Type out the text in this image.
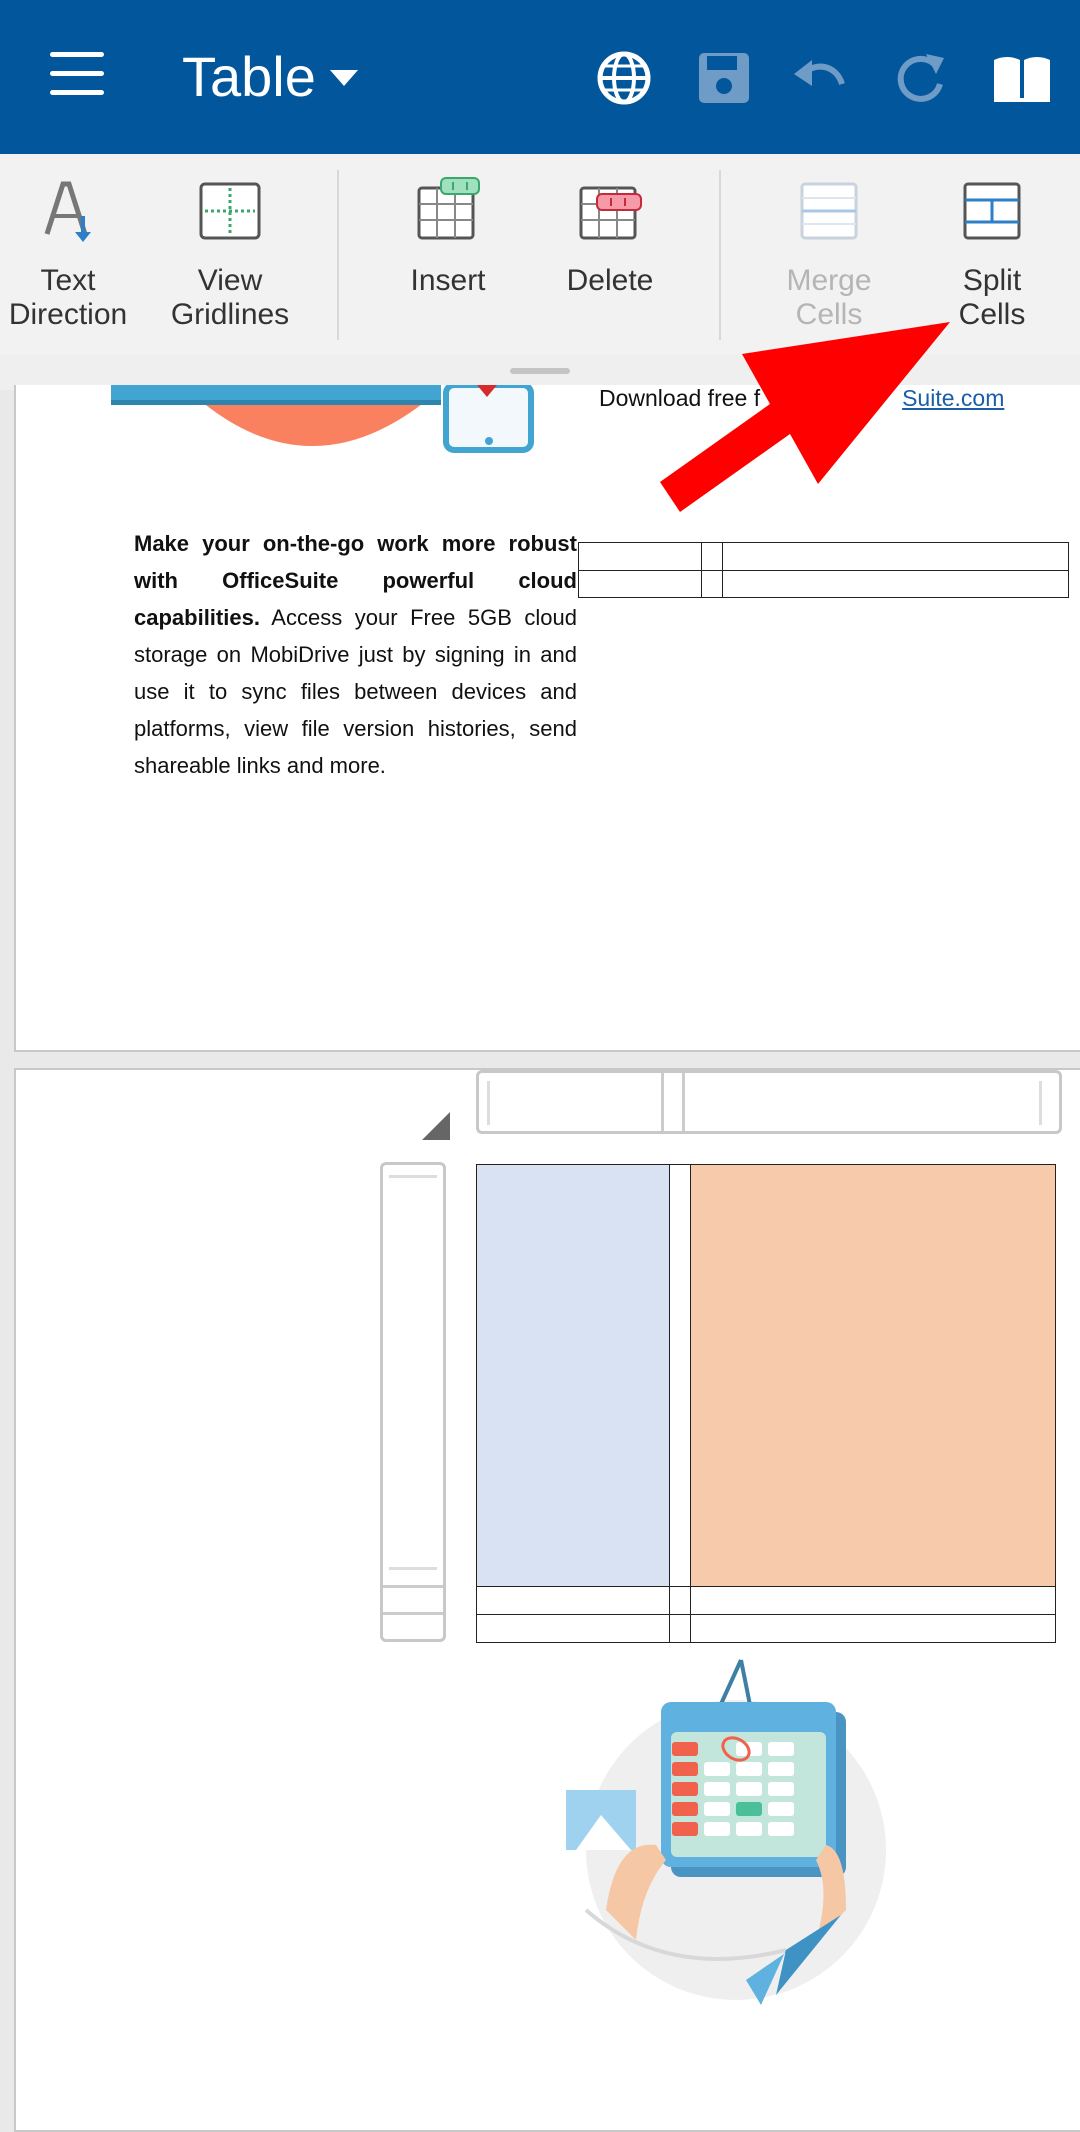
Table
Text
Direction
View
Gridlines
Insert	Delete	Merge
Cells
Split
Cells
Download free f	Suite.com
Make your on-the-go work more robust with OfficeSuite powerful cloud capabilities. Access your Free 5GB cloud storage on MobiDrive just by signing in and use it to sync files between devices and platforms, view file version histories, send shareable links and more.
